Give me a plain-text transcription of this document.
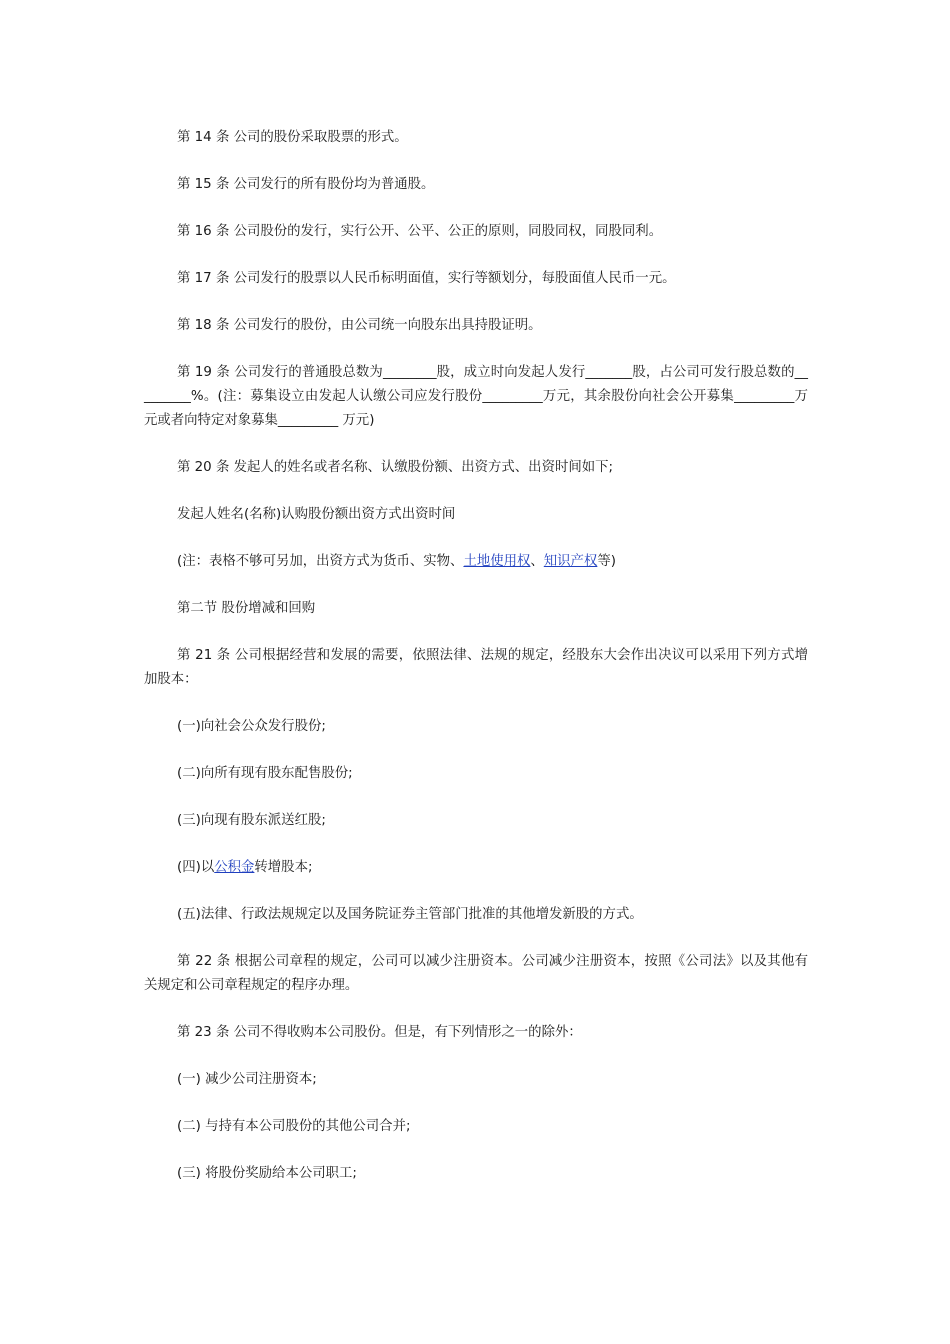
第 14 条 公司的股份采取股票的形式。

第 15 条 公司发行的所有股份均为普通股。

第 16 条 公司股份的发行，实行公开、公平、公正的原则，同股同权，同股同利。

第 17 条 公司发行的股票以人民币标明面值，实行等额划分，每股面值人民币一元。

第 18 条 公司发行的股份，由公司统一向股东出具持股证明。

第 19 条 公司发行的普通股总数为________股，成立时向发起人发行_______股，占公司可发行股总数的_________%。(注：募集设立由发起人认缴公司应发行股份_________万元，其余股份向社会公开募集_________万元或者向特定对象募集_________ 万元)

第 20 条 发起人的姓名或者名称、认缴股份额、出资方式、出资时间如下;

发起人姓名(名称)认购股份额出资方式出资时间

(注：表格不够可另加，出资方式为货币、实物、土地使用权、知识产权等)

第二节 股份增减和回购

第 21 条 公司根据经营和发展的需要，依照法律、法规的规定，经股东大会作出决议可以采用下列方式增加股本：

(一)向社会公众发行股份;

(二)向所有现有股东配售股份;

(三)向现有股东派送红股;

(四)以公积金转增股本;

(五)法律、行政法规规定以及国务院证券主管部门批准的其他增发新股的方式。

第 22 条 根据公司章程的规定，公司可以减少注册资本。公司减少注册资本，按照《公司法》以及其他有关规定和公司章程规定的程序办理。

第 23 条 公司不得收购本公司股份。但是，有下列情形之一的除外：

(一) 减少公司注册资本;

(二) 与持有本公司股份的其他公司合并;

(三) 将股份奖励给本公司职工;
